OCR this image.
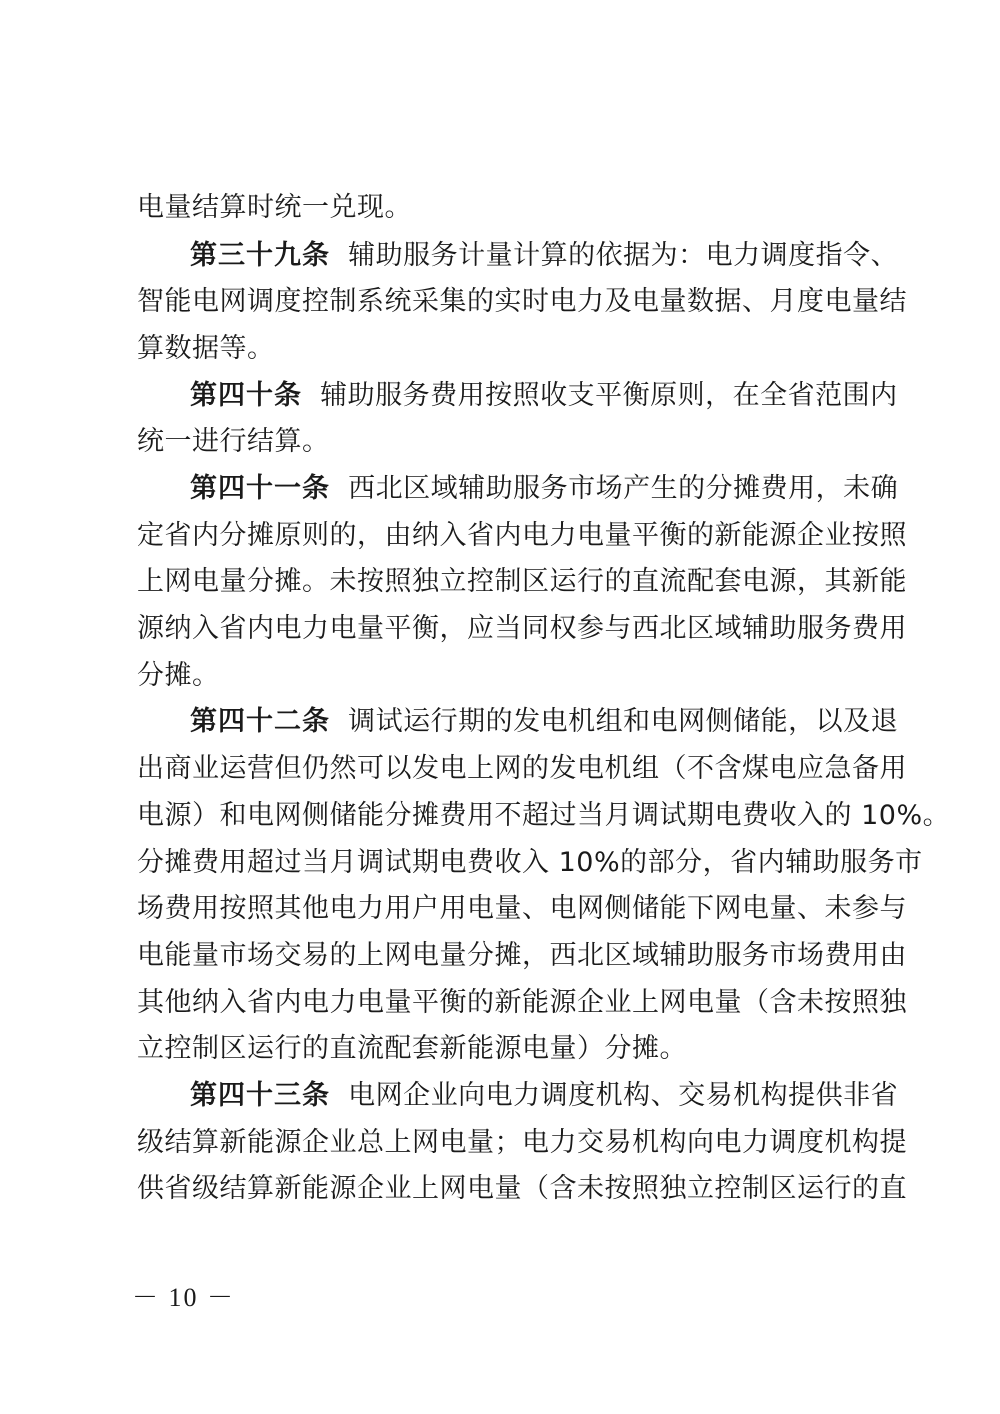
电量结算时统一兑现。
第三十九条 辅助服务计量计算的依据为：电力调度指令、
智能电网调度控制系统采集的实时电力及电量数据、月度电量结
算数据等。
第四十条 辅助服务费用按照收支平衡原则，在全省范围内
统一进行结算。
第四十一条 西北区域辅助服务市场产生的分摊费用，未确
定省内分摊原则的，由纳入省内电力电量平衡的新能源企业按照
上网电量分摊。未按照独立控制区运行的直流配套电源，其新能
源纳入省内电力电量平衡，应当同权参与西北区域辅助服务费用
分摊。
第四十二条 调试运行期的发电机组和电网侧储能，以及退
出商业运营但仍然可以发电上网的发电机组（不含煤电应急备用
电源）和电网侧储能分摊费用不超过当月调试期电费收入的 10%。
分摊费用超过当月调试期电费收入 10%的部分，省内辅助服务市
场费用按照其他电力用户用电量、电网侧储能下网电量、未参与
电能量市场交易的上网电量分摊，西北区域辅助服务市场费用由
其他纳入省内电力电量平衡的新能源企业上网电量（含未按照独
立控制区运行的直流配套新能源电量）分摊。
第四十三条 电网企业向电力调度机构、交易机构提供非省
级结算新能源企业总上网电量；电力交易机构向电力调度机构提
供省级结算新能源企业上网电量（含未按照独立控制区运行的直
－ 10 －
